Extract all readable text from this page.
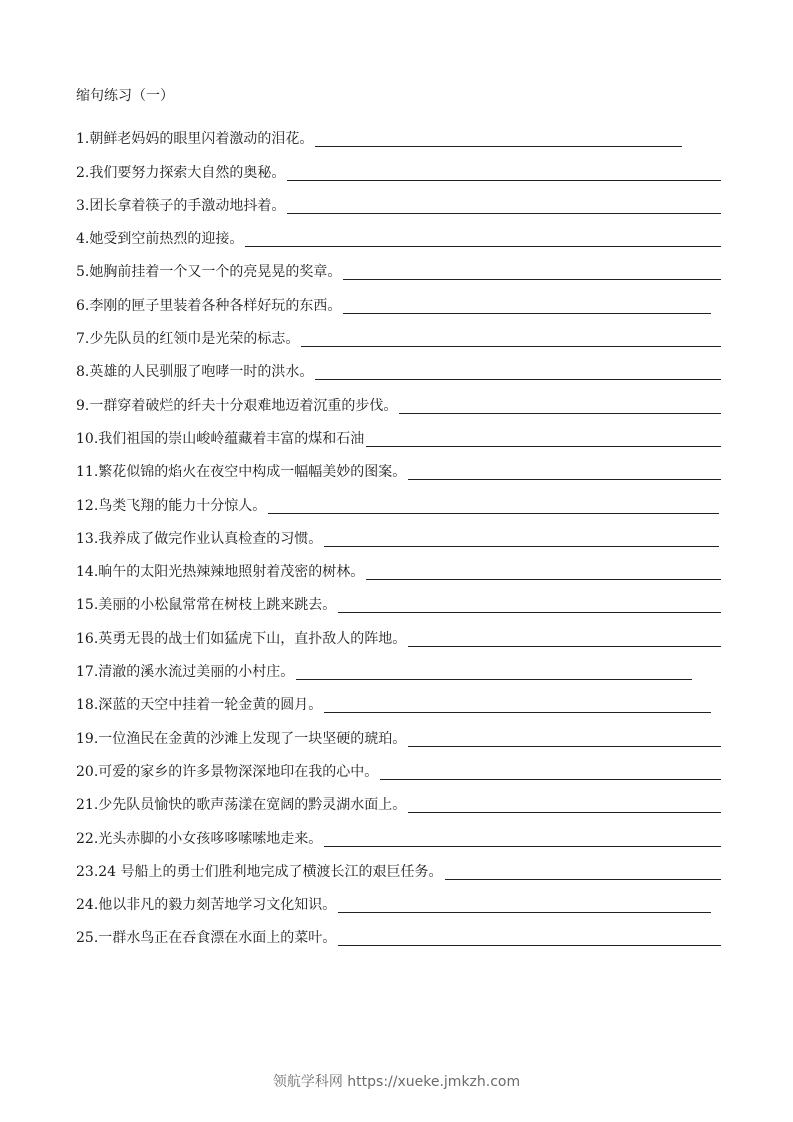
缩句练习（一）
1.朝鲜老妈妈的眼里闪着激动的泪花。
2.我们要努力探索大自然的奥秘。
3.团长拿着筷子的手激动地抖着。
4.她受到空前热烈的迎接。
5.她胸前挂着一个又一个的亮晃晃的奖章。
6.李刚的匣子里装着各种各样好玩的东西。
7.少先队员的红领巾是光荣的标志。
8.英雄的人民驯服了咆哮一时的洪水。
9.一群穿着破烂的纤夫十分艰难地迈着沉重的步伐。
10.我们祖国的崇山峻岭蕴藏着丰富的煤和石油
11.繁花似锦的焰火在夜空中构成一幅幅美妙的图案。
12.鸟类飞翔的能力十分惊人。
13.我养成了做完作业认真检查的习惯。
14.晌午的太阳光热辣辣地照射着茂密的树林。
15.美丽的小松鼠常常在树枝上跳来跳去。
16.英勇无畏的战士们如猛虎下山，直扑敌人的阵地。
17.清澈的溪水流过美丽的小村庄。
18.深蓝的天空中挂着一轮金黄的圆月。
19.一位渔民在金黄的沙滩上发现了一块坚硬的琥珀。
20.可爱的家乡的许多景物深深地印在我的心中。
21.少先队员愉快的歌声荡漾在宽阔的黔灵湖水面上。
22.光头赤脚的小女孩哆哆嗦嗦地走来。
23.24 号船上的勇士们胜利地完成了横渡长江的艰巨任务。
24.他以非凡的毅力刻苦地学习文化知识。
25.一群水鸟正在吞食漂在水面上的菜叶。
领航学科网 https://xueke.jmkzh.com
